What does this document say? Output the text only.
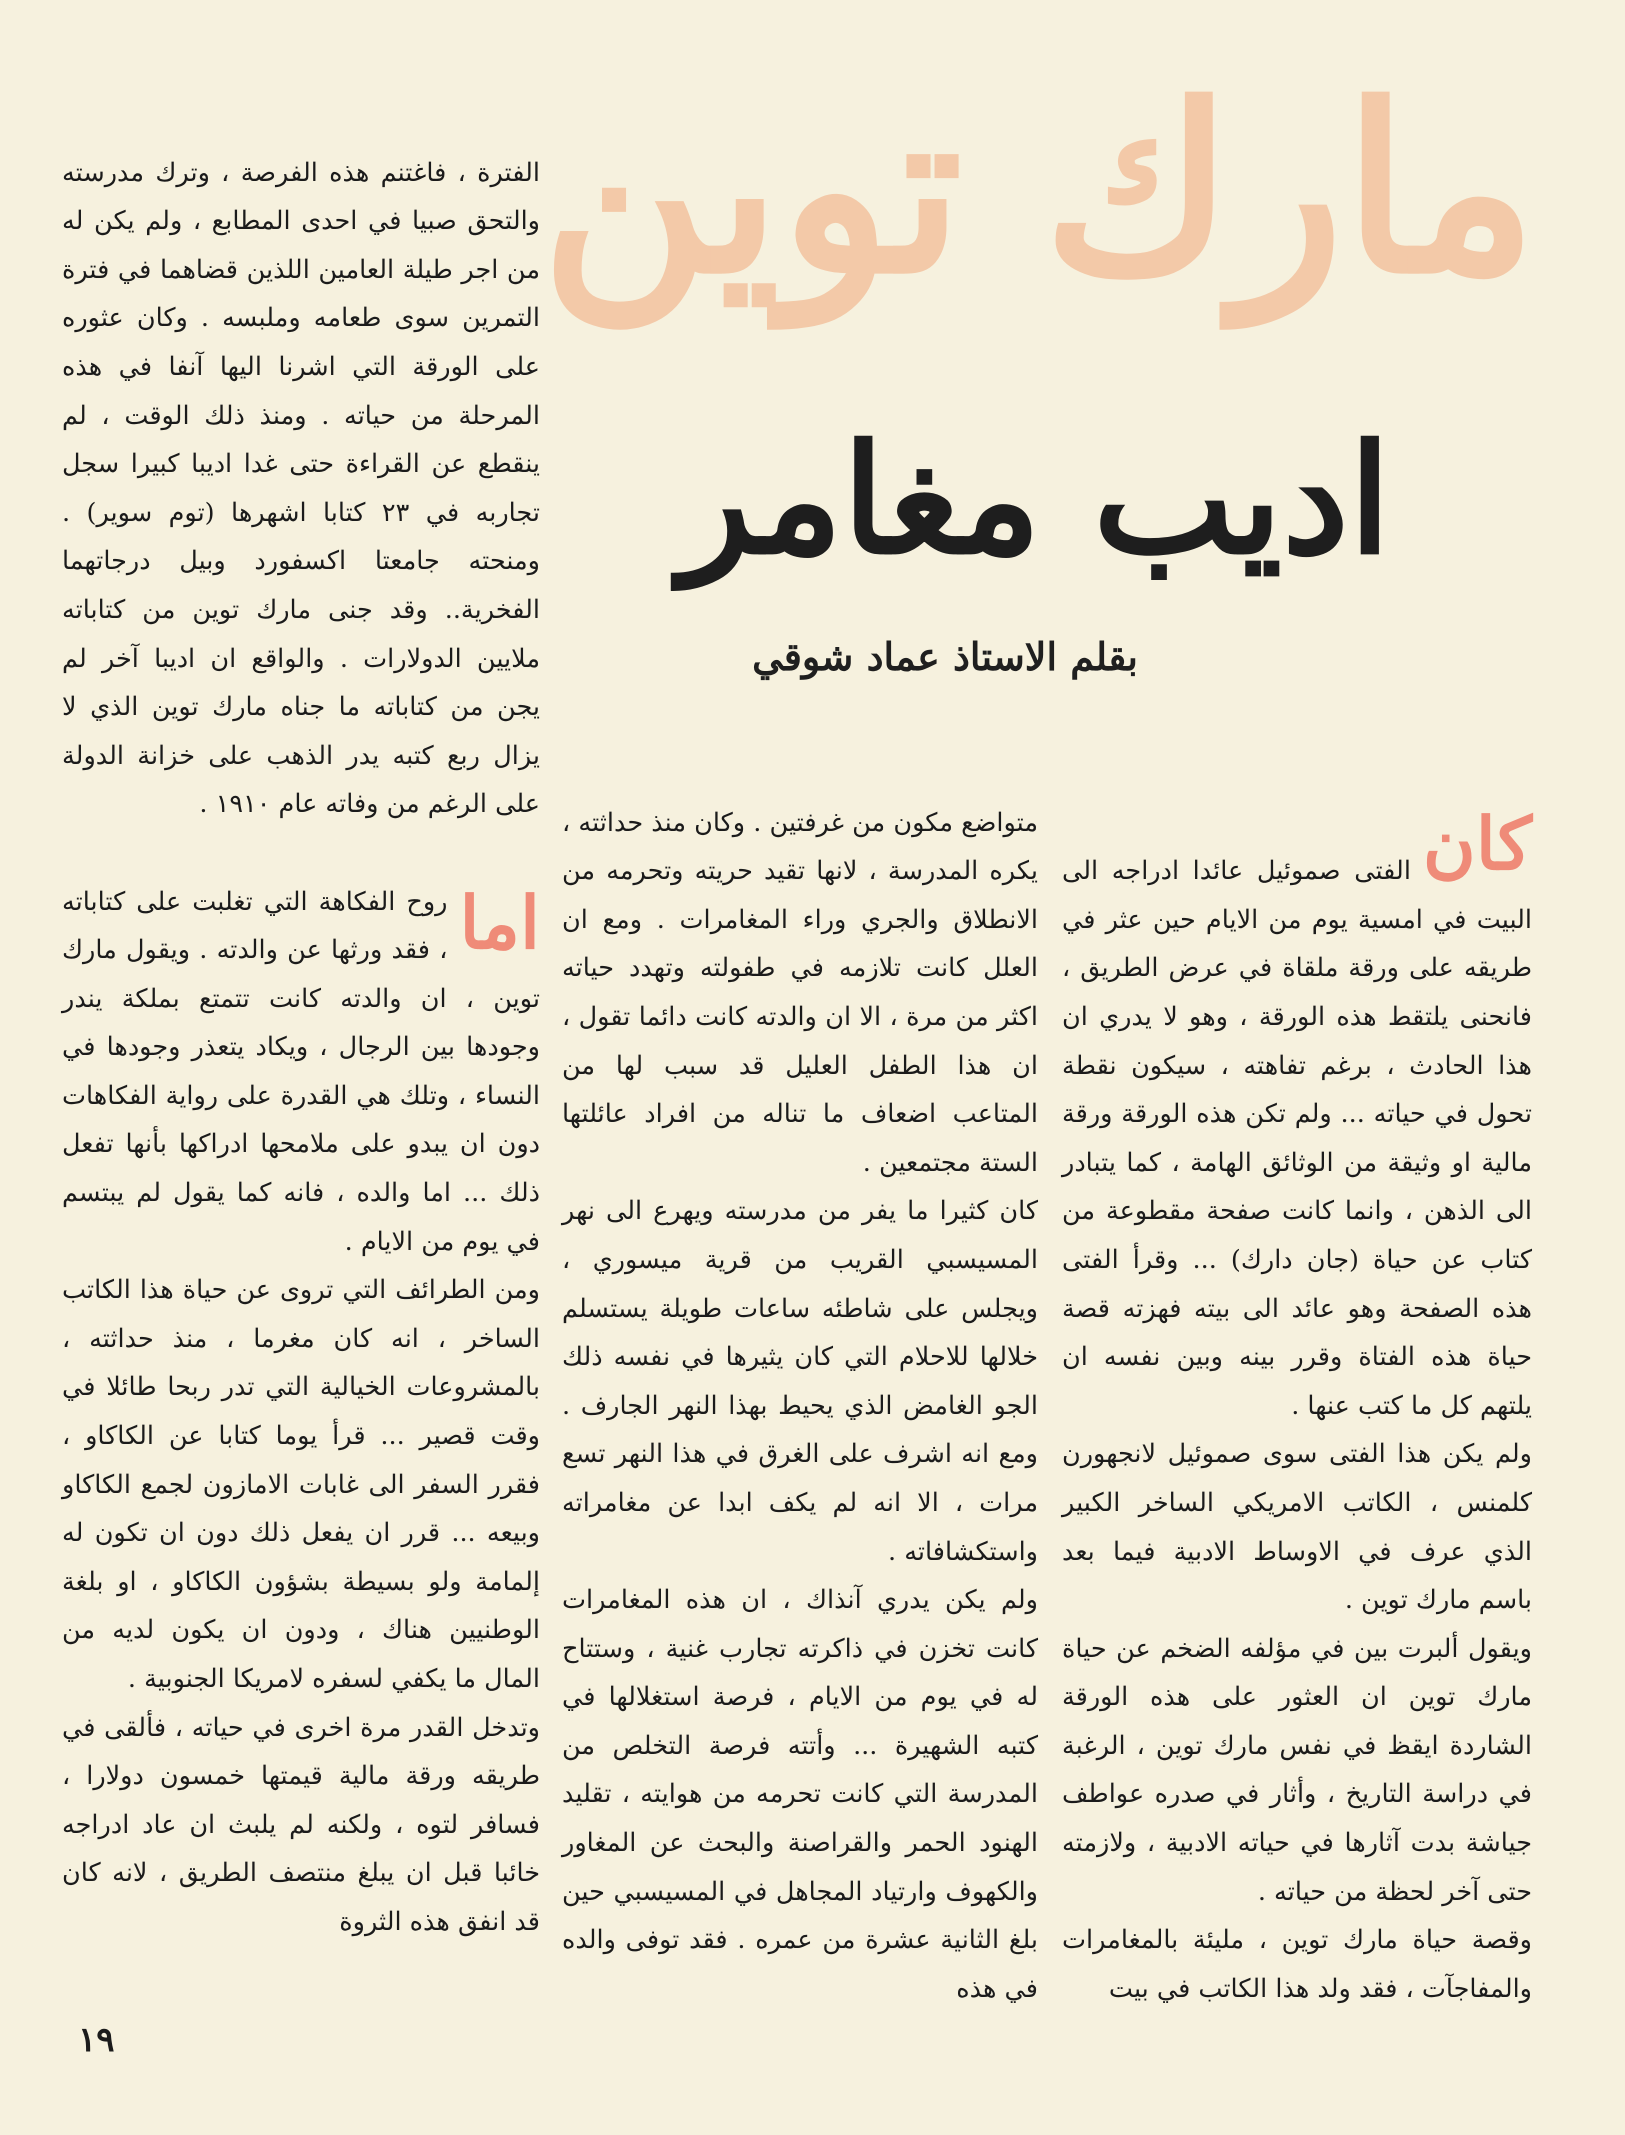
مارك توين
اديب مغامر
بقلم الاستاذ عماد شوقي

كان

الفتى صموئيل عائدا ادراجه الى البيت في امسية يوم من الايام حين عثر في طريقه على ورقة ملقاة في عرض الطريق ، فانحنى يلتقط هذه الورقة ، وهو لا يدري ان هذا الحادث ، برغم تفاهته ، سيكون نقطة تحول في حياته ... ولم تكن هذه الورقة ورقة مالية او وثيقة من الوثائق الهامة ، كما يتبادر الى الذهن ، وانما كانت صفحة مقطوعة من كتاب عن حياة (جان دارك) ... وقرأ الفتى هذه الصفحة وهو عائد الى بيته فهزته قصة حياة هذه الفتاة وقرر بينه وبين نفسه ان يلتهم كل ما كتب عنها .
ولم يكن هذا الفتى سوى صموئيل لانجهورن كلمنس ، الكاتب الامريكي الساخر الكبير الذي عرف في الاوساط الادبية فيما بعد باسم مارك توين .
ويقول ألبرت بين في مؤلفه الضخم عن حياة مارك توين ان العثور على هذه الورقة الشاردة ايقظ في نفس مارك توين ، الرغبة في دراسة التاريخ ، وأثار في صدره عواطف جياشة بدت آثارها في حياته الادبية ، ولازمته حتى آخر لحظة من حياته .
وقصة حياة مارك توين ، مليئة بالمغامرات والمفاجآت ، فقد ولد هذا الكاتب في بيت

متواضع مكون من غرفتين . وكان منذ حداثته ، يكره المدرسة ، لانها تقيد حريته وتحرمه من الانطلاق والجري وراء المغامرات . ومع ان العلل كانت تلازمه في طفولته وتهدد حياته اكثر من مرة ، الا ان والدته كانت دائما تقول ، ان هذا الطفل العليل قد سبب لها من المتاعب اضعاف ما تناله من افراد عائلتها الستة مجتمعين .
كان كثيرا ما يفر من مدرسته ويهرع الى نهر المسيسبي القريب من قرية ميسوري ، ويجلس على شاطئه ساعات طويلة يستسلم خلالها للاحلام التي كان يثيرها في نفسه ذلك الجو الغامض الذي يحيط بهذا النهر الجارف . ومع انه اشرف على الغرق في هذا النهر تسع مرات ، الا انه لم يكف ابدا عن مغامراته واستكشافاته .
ولم يكن يدري آنذاك ، ان هذه المغامرات كانت تخزن في ذاكرته تجارب غنية ، وستتاح له في يوم من الايام ، فرصة استغلالها في كتبه الشهيرة ... وأتته فرصة التخلص من المدرسة التي كانت تحرمه من هوايته ، تقليد الهنود الحمر والقراصنة والبحث عن المغاور والكهوف وارتياد المجاهل في المسيسبي حين بلغ الثانية عشرة من عمره . فقد توفى والده في هذه

الفترة ، فاغتنم هذه الفرصة ، وترك مدرسته والتحق صبيا في احدى المطابع ، ولم يكن له من اجر طيلة العامين اللذين قضاهما في فترة التمرين سوى طعامه وملبسه . وكان عثوره على الورقة التي اشرنا اليها آنفا في هذه المرحلة من حياته . ومنذ ذلك الوقت ، لم ينقطع عن القراءة حتى غدا اديبا كبيرا سجل تجاربه في ٢٣ كتابا اشهرها (توم سوير) . ومنحته جامعتا اكسفورد وبيل درجاتهما الفخرية.. وقد جنى مارك توين من كتاباته ملايين الدولارات . والواقع ان اديبا آخر لم يجن من كتاباته ما جناه مارك توين الذي لا يزال ربع كتبه يدر الذهب على خزانة الدولة على الرغم من وفاته عام ١٩١٠ .

اما
روح الفكاهة التي تغلبت على كتاباته ، فقد ورثها عن والدته . ويقول مارك توين ، ان والدته كانت تتمتع بملكة يندر وجودها بين الرجال ، ويكاد يتعذر وجودها في النساء ، وتلك هي القدرة على رواية الفكاهات دون ان يبدو على ملامحها ادراكها بأنها تفعل ذلك ... اما والده ، فانه كما يقول لم يبتسم في يوم من الايام .
ومن الطرائف التي تروى عن حياة هذا الكاتب الساخر ، انه كان مغرما ، منذ حداثته ، بالمشروعات الخيالية التي تدر ربحا طائلا في وقت قصير ... قرأ يوما كتابا عن الكاكاو ، فقرر السفر الى غابات الامازون لجمع الكاكاو وبيعه ... قرر ان يفعل ذلك دون ان تكون له إلمامة ولو بسيطة بشؤون الكاكاو ، او بلغة الوطنيين هناك ، ودون ان يكون لديه من المال ما يكفي لسفره لامريكا الجنوبية .
وتدخل القدر مرة اخرى في حياته ، فألقى في طريقه ورقة مالية قيمتها خمسون دولارا ، فسافر لتوه ، ولكنه لم يلبث ان عاد ادراجه خائبا قبل ان يبلغ منتصف الطريق ، لانه كان قد انفق هذه الثروة

١٩
